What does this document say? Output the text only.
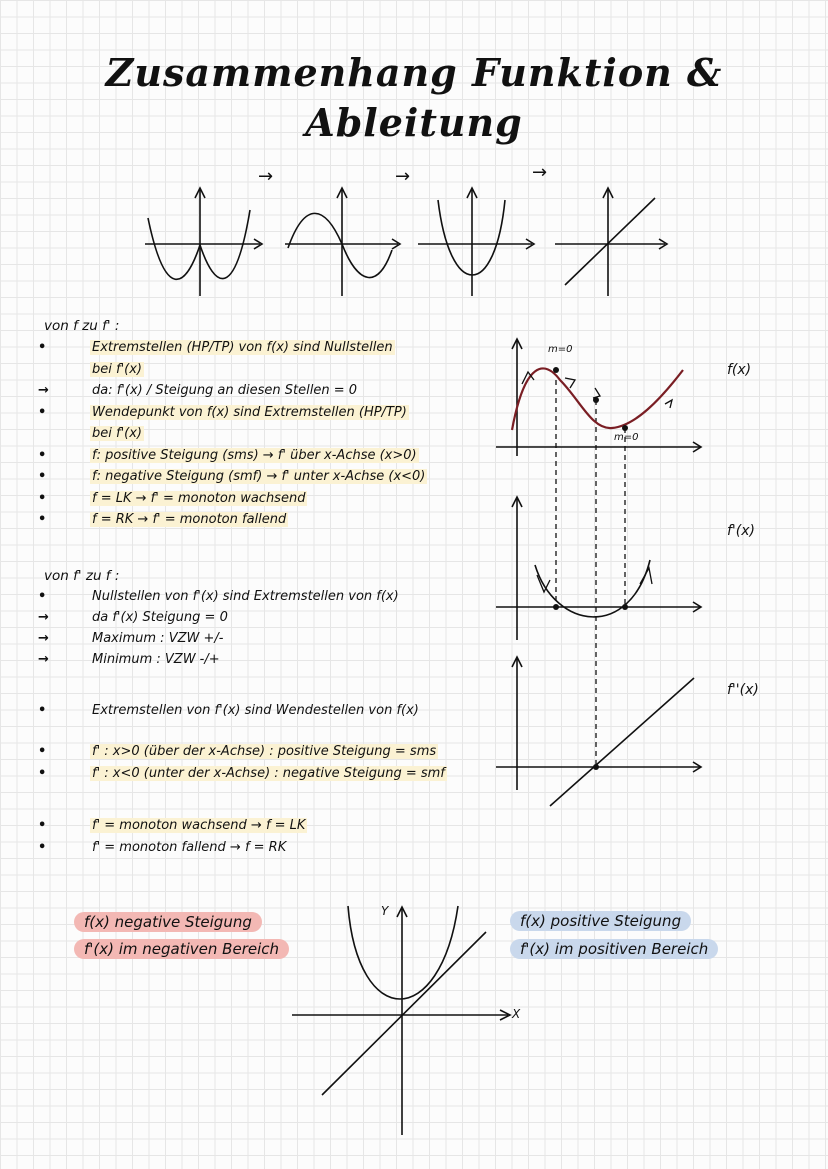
Zusammenhang Funktion &
Ableitung
→	→	→
von f zu f' :
•	Extremstellen (HP/TP) von f(x) sind Nullstellen
bei f'(x)
→	da: f'(x) / Steigung an diesen Stellen = 0
•	Wendepunkt von f(x) sind Extremstellen (HP/TP)
bei f'(x)
•	f: positive Steigung (sms) → f' über x-Achse (x>0)
•	f: negative Steigung (smf) → f' unter x-Achse (x<0)
•	f = LK → f' = monoton wachsend
•	f = RK → f' = monoton fallend
von f' zu f :
•	Nullstellen von f'(x) sind Extremstellen von f(x)
→	da f'(x) Steigung = 0
→	Maximum : VZW +/-
→	Minimum : VZW -/+
•	Extremstellen von f'(x) sind Wendestellen von f(x)
•	f' : x>0 (über der x-Achse) : positive Steigung = sms
•	f' : x<0 (unter der x-Achse) : negative Steigung = smf
•	f' = monoton wachsend → f = LK
•	f' = monoton fallend → f = RK
m=0
m=0
f(x)
f'(x)
f''(x)
Y
X
f(x) negative Steigung
f'(x) im negativen Bereich
f(x) positive Steigung
f'(x) im positiven Bereich
